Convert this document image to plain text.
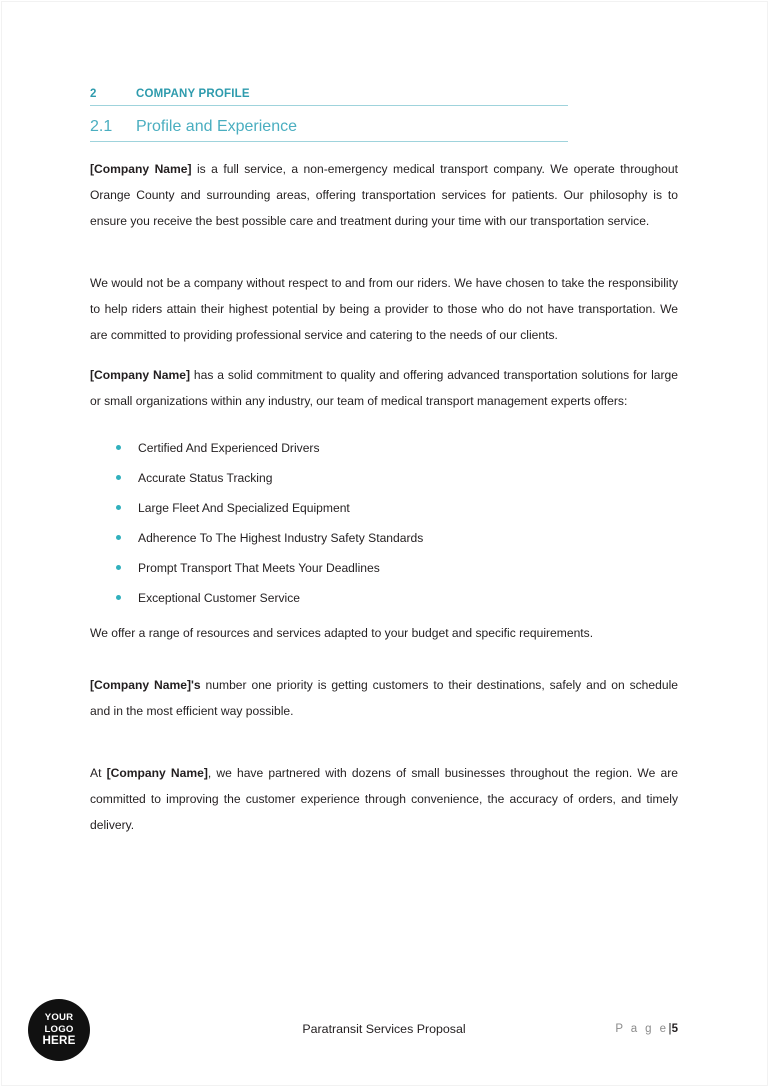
2	COMPANY PROFILE
2.1	Profile and Experience

[Company Name] is a full service, a non-emergency medical transport company. We operate throughout Orange County and surrounding areas, offering transportation services for patients. Our philosophy is to ensure you receive the best possible care and treatment during your time with our transportation service.

We would not be a company without respect to and from our riders. We have chosen to take the responsibility to help riders attain their highest potential by being a provider to those who do not have transportation. We are committed to providing professional service and catering to the needs of our clients.

[Company Name] has a solid commitment to quality and offering advanced transportation solutions for large or small organizations within any industry, our team of medical transport management experts offers:

Certified And Experienced Drivers
Accurate Status Tracking
Large Fleet And Specialized Equipment
Adherence To The Highest Industry Safety Standards
Prompt Transport That Meets Your Deadlines
Exceptional Customer Service

We offer a range of resources and services adapted to your budget and specific requirements.

[Company Name]'s number one priority is getting customers to their destinations, safely and on schedule and in the most efficient way possible.

At [Company Name], we have partnered with dozens of small businesses throughout the region. We are committed to improving the customer experience through convenience, the accuracy of orders, and timely delivery.

YOUR
LOGO
HERE
Paratransit Services Proposal	P a g e|5
